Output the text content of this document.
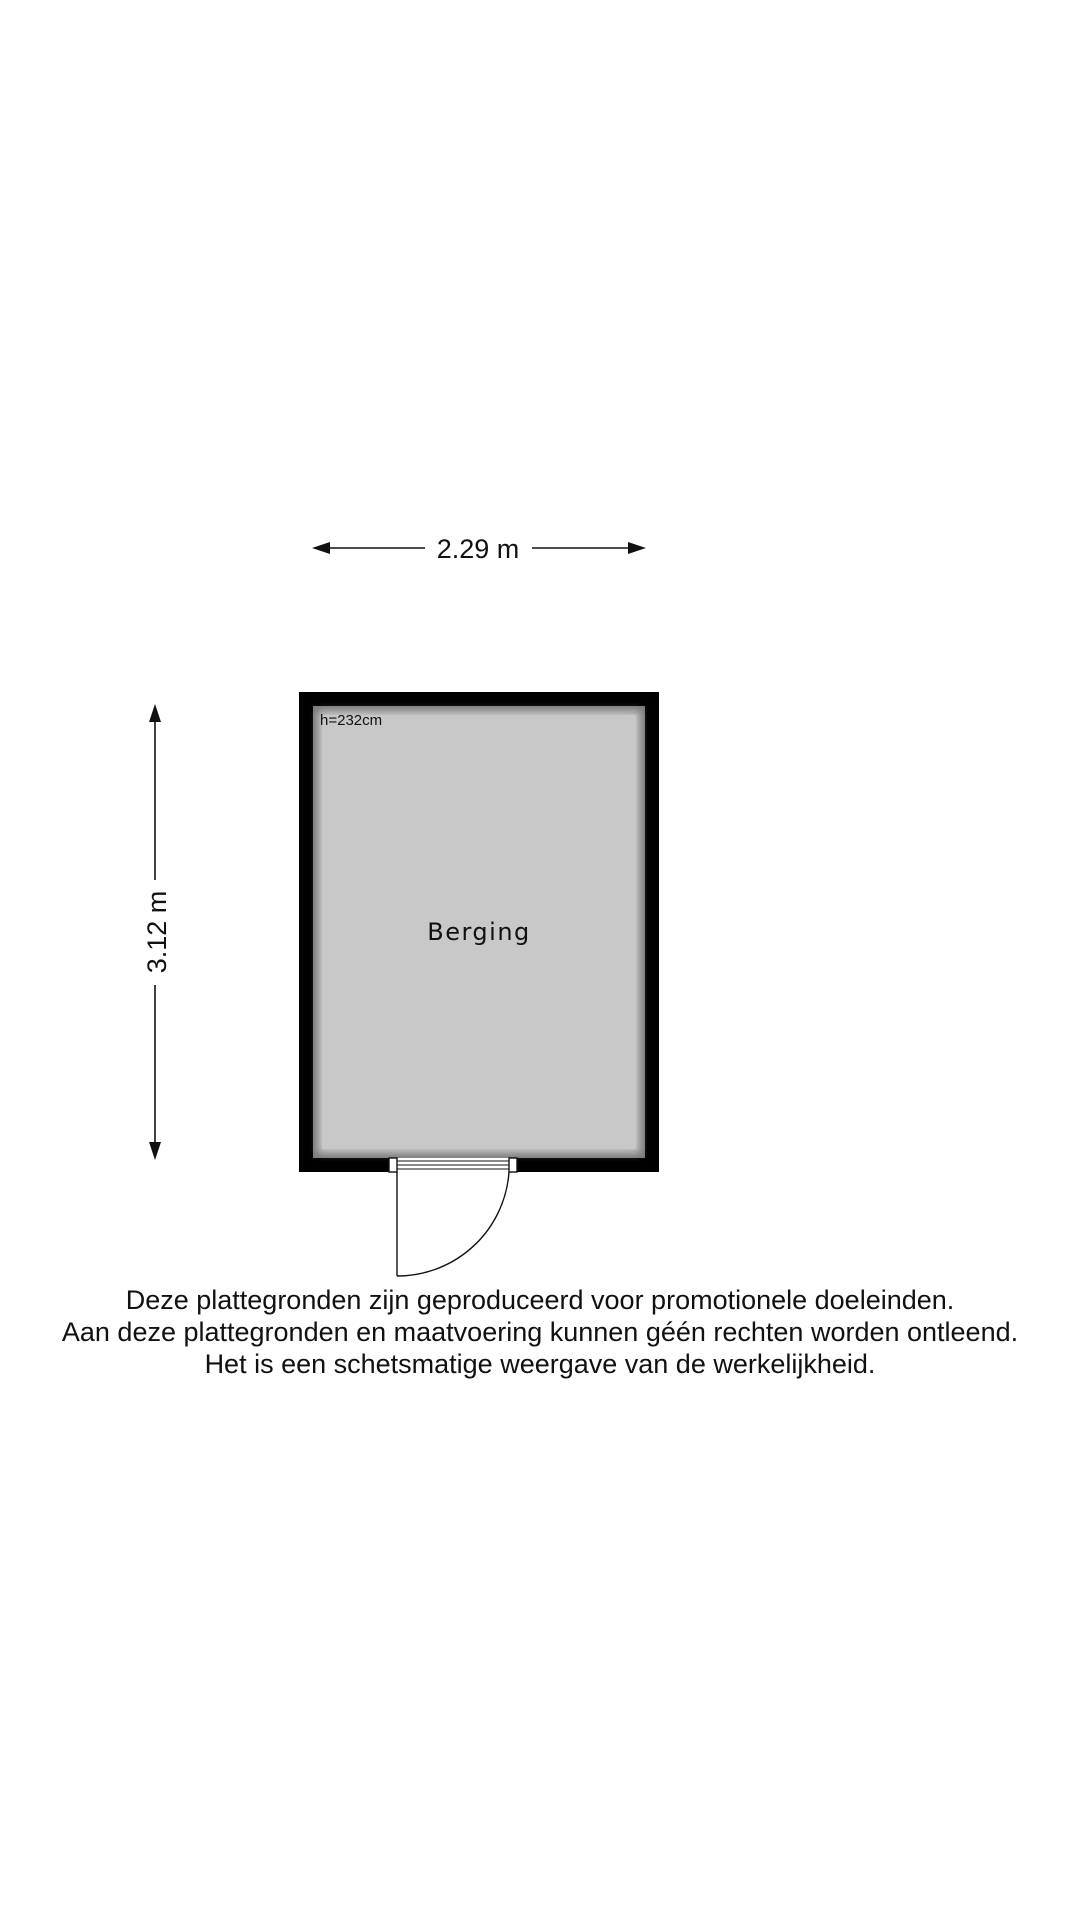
2.29 m
3.12 m
h=232cm
Berging
Deze plattegronden zijn geproduceerd voor promotionele doeleinden.
Aan deze plattegronden en maatvoering kunnen géén rechten worden ontleend.
Het is een schetsmatige weergave van de werkelijkheid.
